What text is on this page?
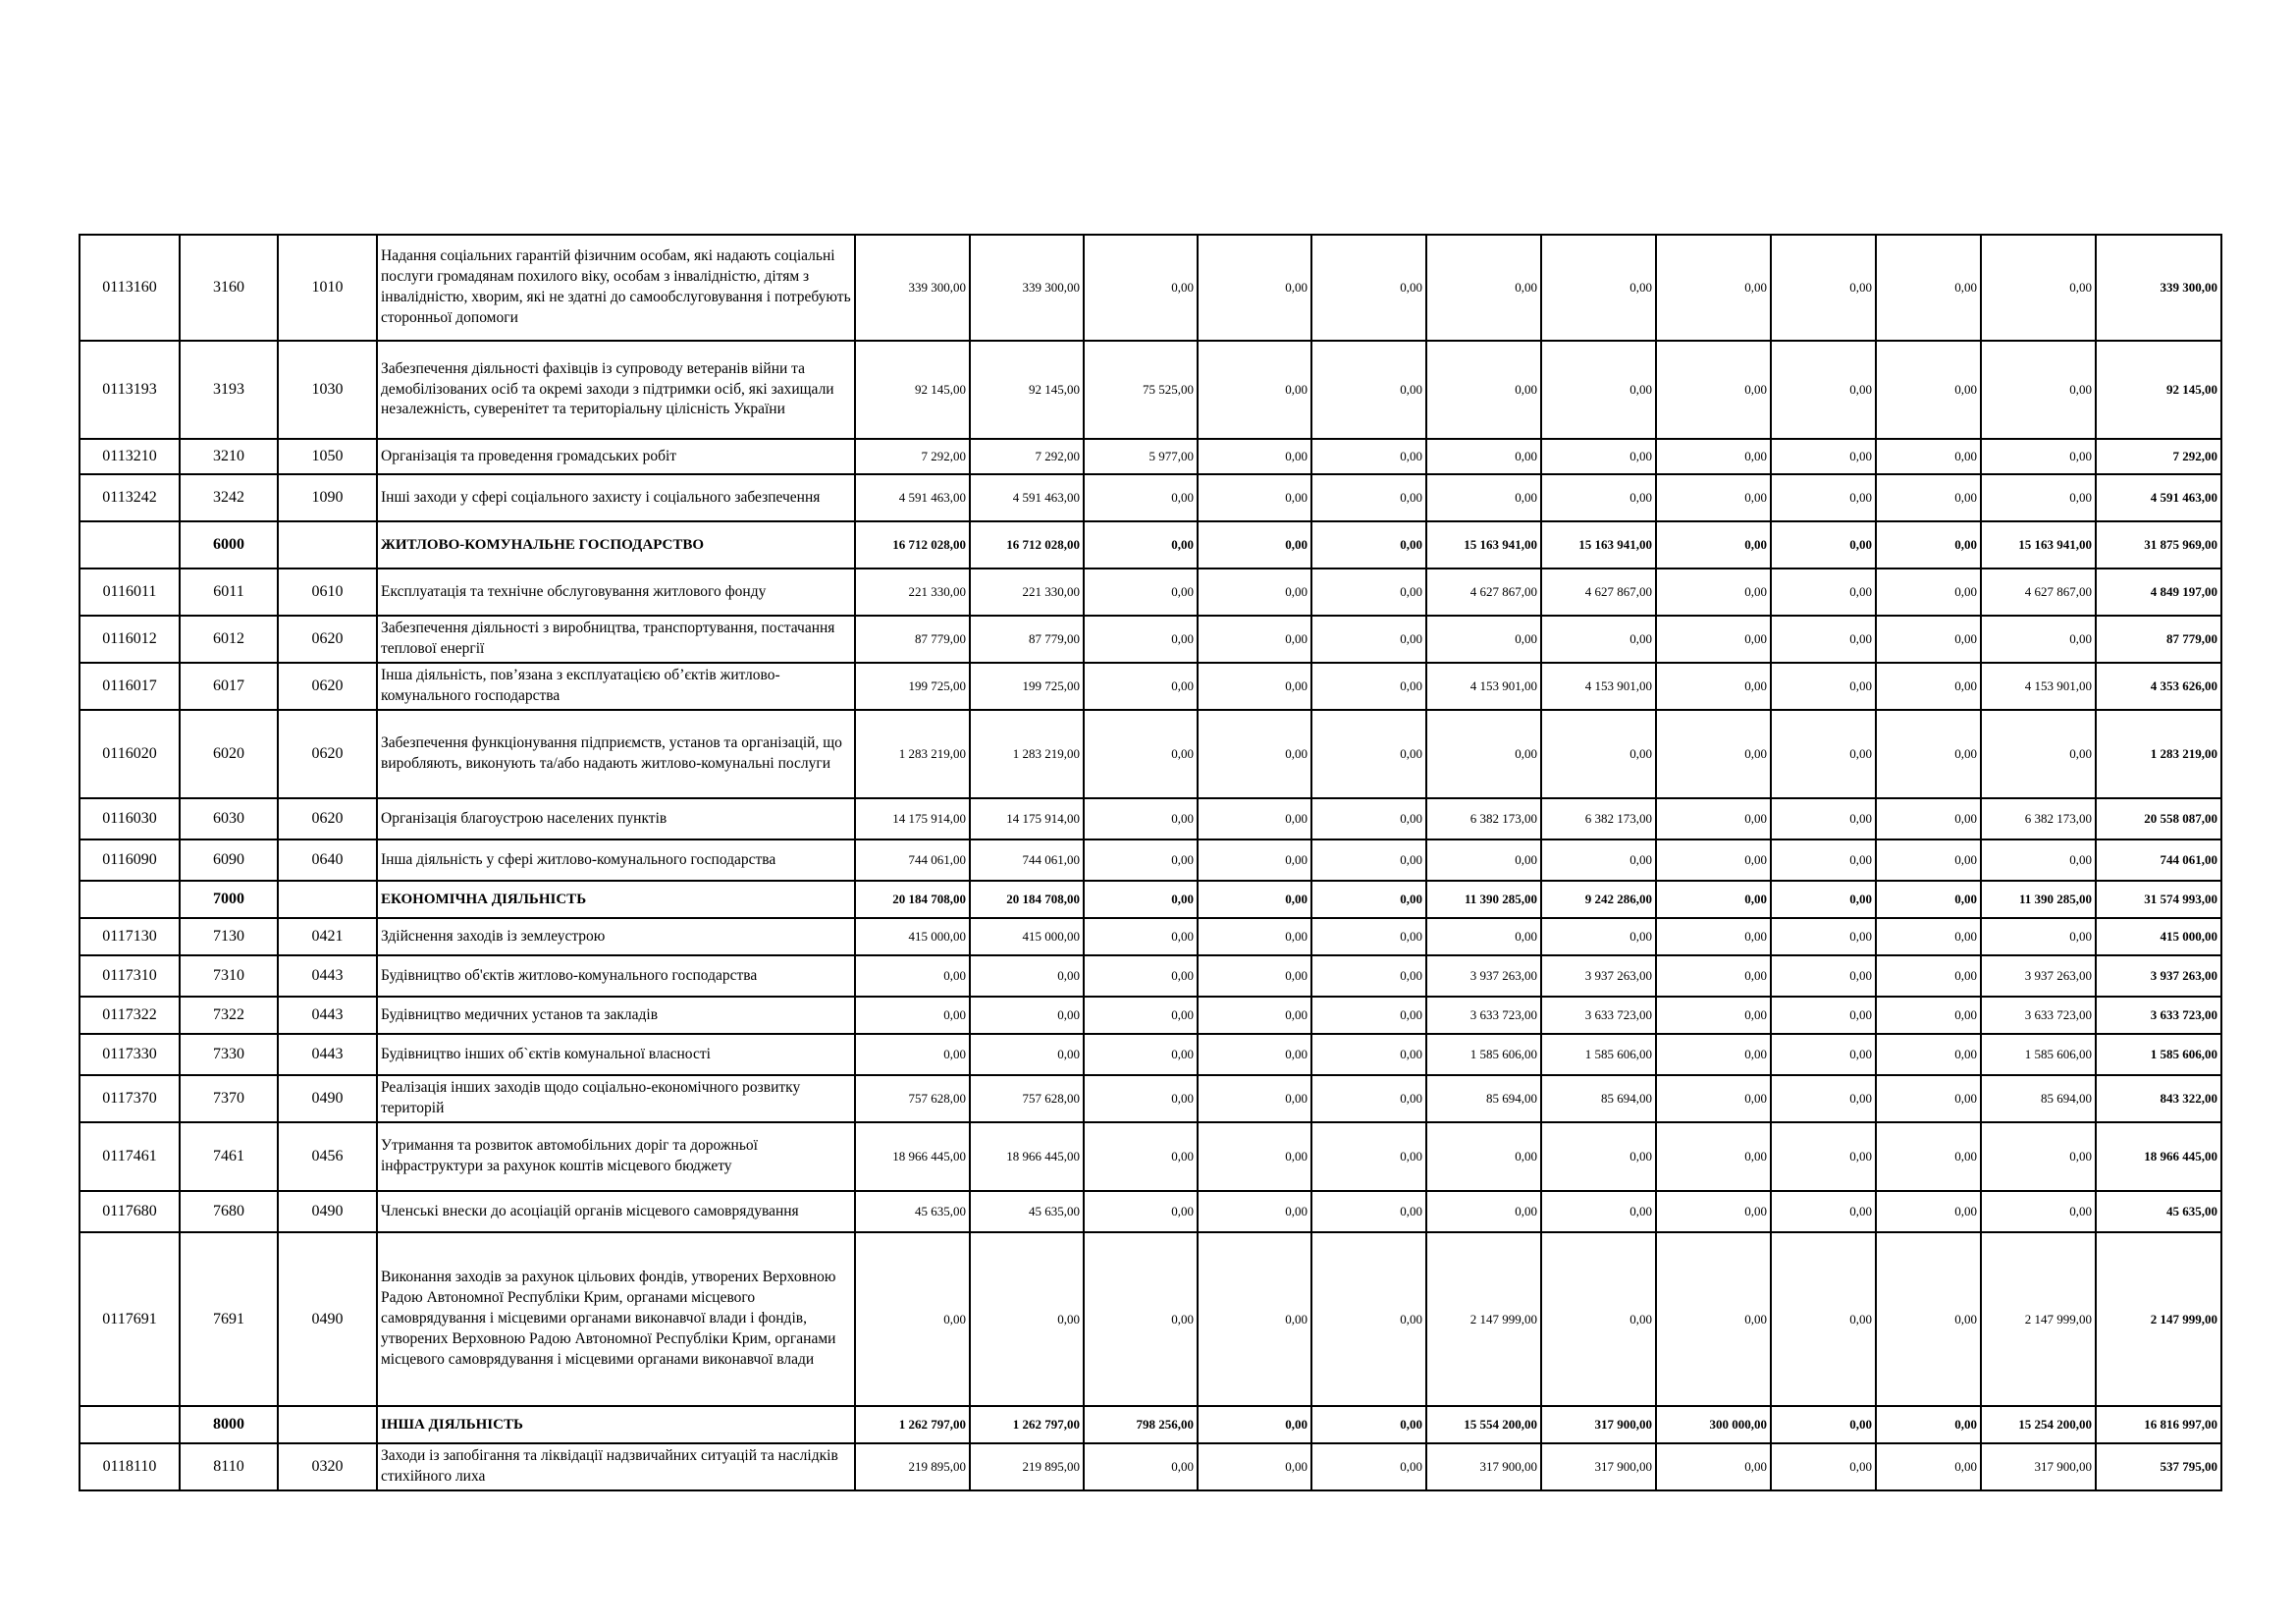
0113160	3160	1010	Надання соціальних гарантій фізичним особам, які надають соціальні послуги громадянам похилого віку, особам з інвалідністю, дітям з інвалідністю, хворим, які не здатні до самообслуговування і потребують сторонньої допомоги	339 300,00	339 300,00	0,00	0,00	0,00	0,00	0,00	0,00	0,00	0,00	0,00	339 300,00
0113193	3193	1030	Забезпечення діяльності фахівців із супроводу ветеранів війни та демобілізованих осіб та окремі заходи з підтримки осіб, які захищали незалежність, суверенітет та територіальну цілісність України	92 145,00	92 145,00	75 525,00	0,00	0,00	0,00	0,00	0,00	0,00	0,00	0,00	92 145,00
0113210	3210	1050	Організація та проведення громадських робіт	7 292,00	7 292,00	5 977,00	0,00	0,00	0,00	0,00	0,00	0,00	0,00	0,00	7 292,00
0113242	3242	1090	Інші заходи у сфері соціального захисту і соціального забезпечення	4 591 463,00	4 591 463,00	0,00	0,00	0,00	0,00	0,00	0,00	0,00	0,00	0,00	4 591 463,00
	6000		ЖИТЛОВО-КОМУНАЛЬНЕ ГОСПОДАРСТВО	16 712 028,00	16 712 028,00	0,00	0,00	0,00	15 163 941,00	15 163 941,00	0,00	0,00	0,00	15 163 941,00	31 875 969,00
0116011	6011	0610	Експлуатація та технічне обслуговування житлового фонду	221 330,00	221 330,00	0,00	0,00	0,00	4 627 867,00	4 627 867,00	0,00	0,00	0,00	4 627 867,00	4 849 197,00
0116012	6012	0620	Забезпечення діяльності з виробництва, транспортування, постачання теплової енергії	87 779,00	87 779,00	0,00	0,00	0,00	0,00	0,00	0,00	0,00	0,00	0,00	87 779,00
0116017	6017	0620	Інша діяльність, пов’язана з експлуатацією об’єктів житлово-комунального господарства	199 725,00	199 725,00	0,00	0,00	0,00	4 153 901,00	4 153 901,00	0,00	0,00	0,00	4 153 901,00	4 353 626,00
0116020	6020	0620	Забезпечення функціонування підприємств, установ та організацій, що виробляють, виконують та/або надають житлово-комунальні послуги	1 283 219,00	1 283 219,00	0,00	0,00	0,00	0,00	0,00	0,00	0,00	0,00	0,00	1 283 219,00
0116030	6030	0620	Організація благоустрою населених пунктів	14 175 914,00	14 175 914,00	0,00	0,00	0,00	6 382 173,00	6 382 173,00	0,00	0,00	0,00	6 382 173,00	20 558 087,00
0116090	6090	0640	Інша діяльність у сфері житлово-комунального господарства	744 061,00	744 061,00	0,00	0,00	0,00	0,00	0,00	0,00	0,00	0,00	0,00	744 061,00
	7000		ЕКОНОМІЧНА ДІЯЛЬНІСТЬ	20 184 708,00	20 184 708,00	0,00	0,00	0,00	11 390 285,00	9 242 286,00	0,00	0,00	0,00	11 390 285,00	31 574 993,00
0117130	7130	0421	Здійснення заходів із землеустрою	415 000,00	415 000,00	0,00	0,00	0,00	0,00	0,00	0,00	0,00	0,00	0,00	415 000,00
0117310	7310	0443	Будівництво об'єктів житлово-комунального господарства	0,00	0,00	0,00	0,00	0,00	3 937 263,00	3 937 263,00	0,00	0,00	0,00	3 937 263,00	3 937 263,00
0117322	7322	0443	Будівництво медичних установ та закладів	0,00	0,00	0,00	0,00	0,00	3 633 723,00	3 633 723,00	0,00	0,00	0,00	3 633 723,00	3 633 723,00
0117330	7330	0443	Будівництво інших об`єктів комунальної власності	0,00	0,00	0,00	0,00	0,00	1 585 606,00	1 585 606,00	0,00	0,00	0,00	1 585 606,00	1 585 606,00
0117370	7370	0490	Реалізація інших заходів щодо соціально-економічного розвитку територій	757 628,00	757 628,00	0,00	0,00	0,00	85 694,00	85 694,00	0,00	0,00	0,00	85 694,00	843 322,00
0117461	7461	0456	Утримання та розвиток автомобільних доріг та дорожньої інфраструктури за рахунок коштів місцевого бюджету	18 966 445,00	18 966 445,00	0,00	0,00	0,00	0,00	0,00	0,00	0,00	0,00	0,00	18 966 445,00
0117680	7680	0490	Членські внески до асоціацій органів місцевого самоврядування	45 635,00	45 635,00	0,00	0,00	0,00	0,00	0,00	0,00	0,00	0,00	0,00	45 635,00
0117691	7691	0490	Виконання заходів за рахунок цільових фондів, утворених Верховною Радою Автономної Республіки Крим, органами місцевого самоврядування і місцевими органами виконавчої влади і фондів, утворених Верховною Радою Автономної Республіки Крим, органами місцевого самоврядування і місцевими органами виконавчої влади	0,00	0,00	0,00	0,00	0,00	2 147 999,00	0,00	0,00	0,00	0,00	2 147 999,00	2 147 999,00
	8000		ІНША ДІЯЛЬНІСТЬ	1 262 797,00	1 262 797,00	798 256,00	0,00	0,00	15 554 200,00	317 900,00	300 000,00	0,00	0,00	15 254 200,00	16 816 997,00
0118110	8110	0320	Заходи із запобігання та ліквідації надзвичайних ситуацій та наслідків стихійного лиха	219 895,00	219 895,00	0,00	0,00	0,00	317 900,00	317 900,00	0,00	0,00	0,00	317 900,00	537 795,00
